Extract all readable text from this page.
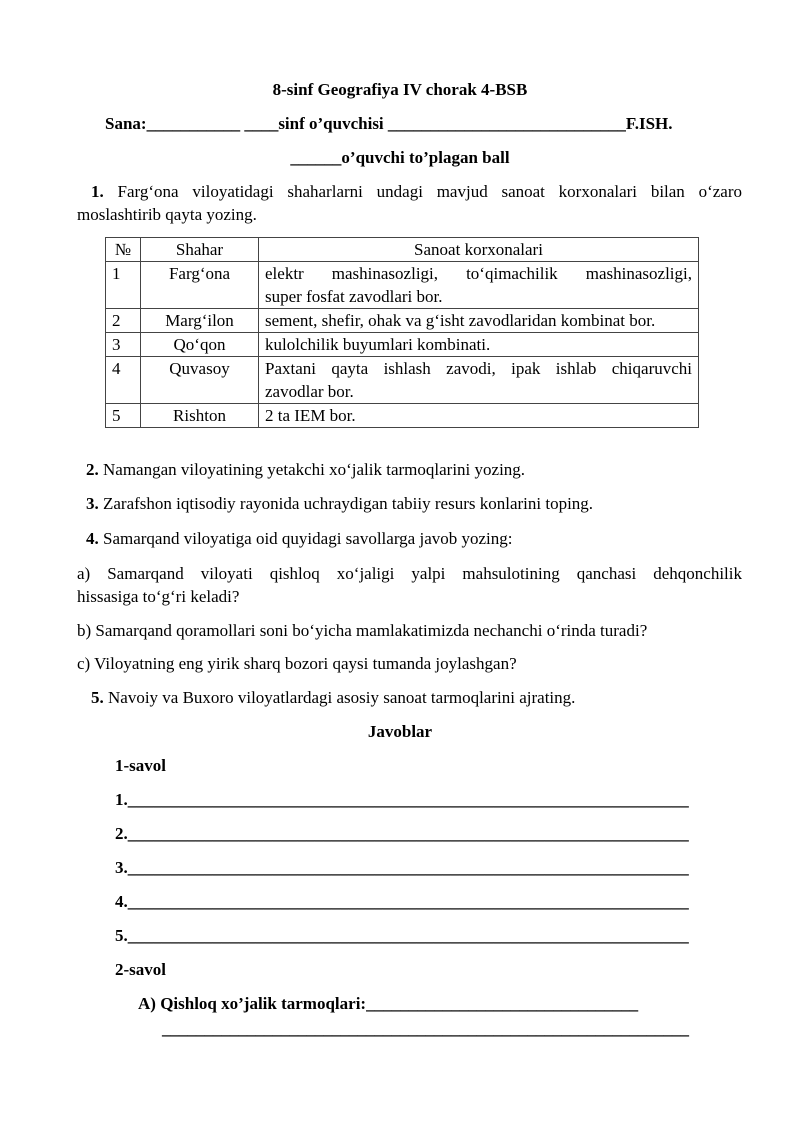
8-sinf Geografiya IV chorak 4-BSB
Sana:___________ ____sinf o’quvchisi ____________________________F.ISH.
______o’quvchi to’plagan ball
1. Farg‘ona viloyatidagi shaharlarni undagi mavjud sanoat korxonalari bilan o‘zaro
moslashtirib qayta yozing.
№	Shahar	Sanoat korxonalari
1	Farg‘ona	elektr mashinasozligi, to‘qimachilik mashinasozligi,
super fosfat zavodlari bor.

2	Marg‘ilon	sement, shefir, ohak va g‘isht zavodlaridan kombinat bor.

3	Qo‘qon	kulolchilik buyumlari kombinati.

4	Quvasoy	Paxtani qayta ishlash zavodi, ipak ishlab chiqaruvchi
zavodlar bor.

5	Rishton	2 ta IEM bor.
2. Namangan viloyatining yetakchi xo‘jalik tarmoqlarini yozing.
3. Zarafshon iqtisodiy rayonida uchraydigan tabiiy resurs konlarini toping.
4. Samarqand viloyatiga oid quyidagi savollarga javob yozing:
a) Samarqand viloyati qishloq xo‘jaligi yalpi mahsulotining qanchasi dehqonchilik
hissasiga to‘g‘ri keladi?
b) Samarqand qoramollari soni bo‘yicha mamlakatimizda nechanchi o‘rinda turadi?
c) Viloyatning eng yirik sharq bozori qaysi tumanda joylashgan?
5. Navoiy va Buxoro viloyatlardagi asosiy sanoat tarmoqlarini ajrating.
Javoblar
1-savol
1.__________________________________________________________________
2.__________________________________________________________________
3.__________________________________________________________________
4.__________________________________________________________________
5.__________________________________________________________________
2-savol
A) Qishloq xo’jalik tarmoqlari:________________________________
______________________________________________________________
